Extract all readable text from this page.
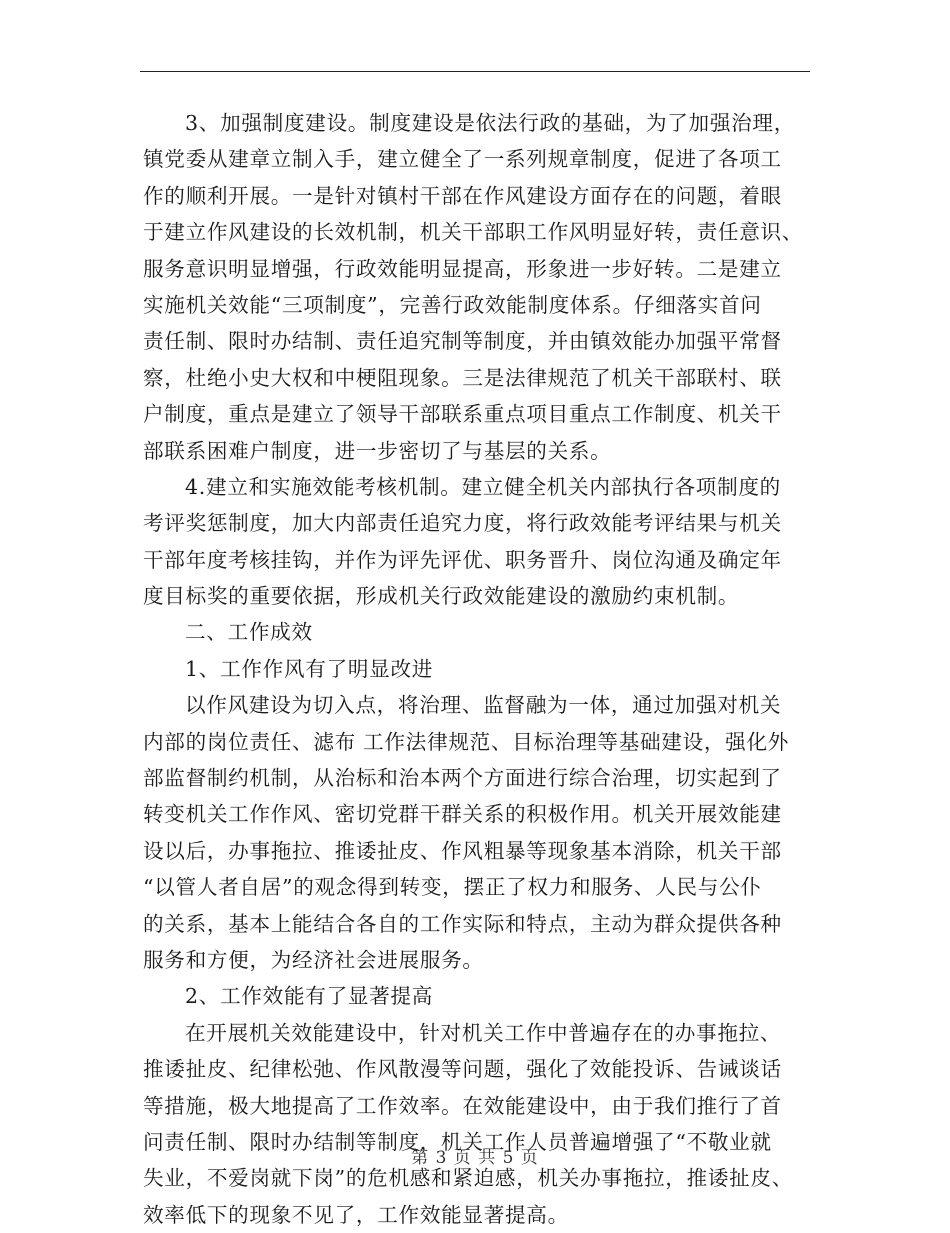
3、加强制度建设。制度建设是依法行政的基础，为了加强治理，
镇党委从建章立制入手，建立健全了一系列规章制度，促进了各项工
作的顺利开展。一是针对镇村干部在作风建设方面存在的问题，着眼
于建立作风建设的长效机制，机关干部职工作风明显好转，责任意识、
服务意识明显增强，行政效能明显提高，形象进一步好转。二是建立
实施机关效能“三项制度”，完善行政效能制度体系。仔细落实首问
责任制、限时办结制、责任追究制等制度，并由镇效能办加强平常督
察，杜绝小史大权和中梗阻现象。三是法律规范了机关干部联村、联
户制度，重点是建立了领导干部联系重点项目重点工作制度、机关干
部联系困难户制度，进一步密切了与基层的关系。
4.建立和实施效能考核机制。建立健全机关内部执行各项制度的
考评奖惩制度，加大内部责任追究力度，将行政效能考评结果与机关
干部年度考核挂钩，并作为评先评优、职务晋升、岗位沟通及确定年
度目标奖的重要依据，形成机关行政效能建设的激励约束机制。
二、工作成效
1、工作作风有了明显改进
以作风建设为切入点，将治理、监督融为一体，通过加强对机关
内部的岗位责任、滤布 工作法律规范、目标治理等基础建设，强化外
部监督制约机制，从治标和治本两个方面进行综合治理，切实起到了
转变机关工作作风、密切党群干群关系的积极作用。机关开展效能建
设以后，办事拖拉、推诿扯皮、作风粗暴等现象基本消除，机关干部
“以管人者自居”的观念得到转变，摆正了权力和服务、人民与公仆
的关系，基本上能结合各自的工作实际和特点，主动为群众提供各种
服务和方便，为经济社会进展服务。
2、工作效能有了显著提高
在开展机关效能建设中，针对机关工作中普遍存在的办事拖拉、
推诿扯皮、纪律松弛、作风散漫等问题，强化了效能投诉、告诫谈话
等措施，极大地提高了工作效率。在效能建设中，由于我们推行了首
问责任制、限时办结制等制度，机关工作人员普遍增强了“不敬业就
失业，不爱岗就下岗”的危机感和紧迫感，机关办事拖拉，推诿扯皮、
效率低下的现象不见了，工作效能显著提高。
第 3 页 共 5 页
